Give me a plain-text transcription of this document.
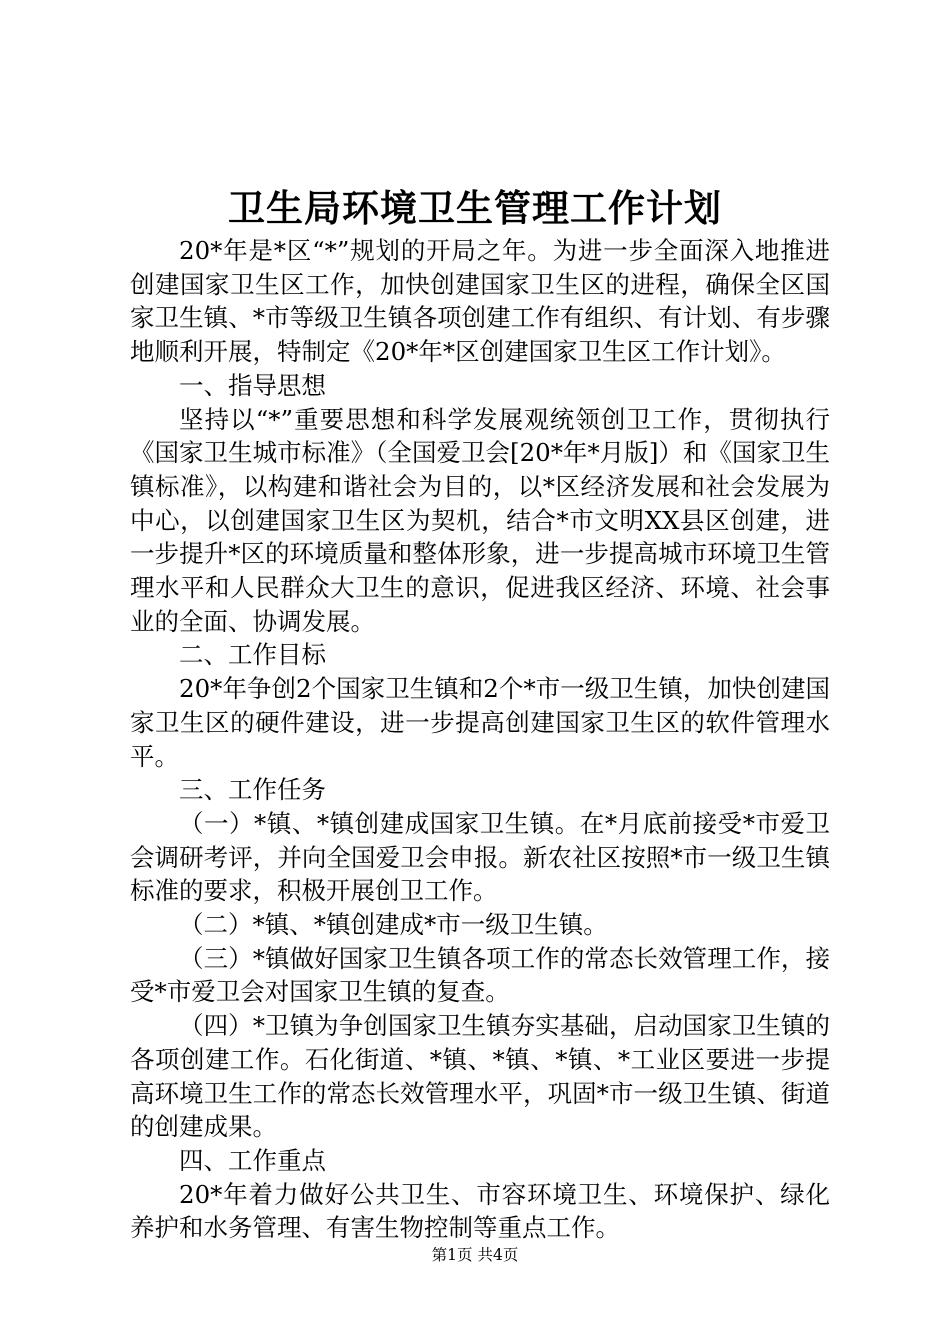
卫生局环境卫生管理工作计划

20*年是*区“*”规划的开局之年。为进一步全面深入地推进创建国家卫生区工作，加快创建国家卫生区的进程，确保全区国家卫生镇、*市等级卫生镇各项创建工作有组织、有计划、有步骤地顺利开展，特制定《20*年*区创建国家卫生区工作计划》。

一、指导思想

坚持以“*”重要思想和科学发展观统领创卫工作，贯彻执行《国家卫生城市标准》（全国爱卫会[20*年*月版]）和《国家卫生镇标准》，以构建和谐社会为目的，以*区经济发展和社会发展为中心，以创建国家卫生区为契机，结合*市文明XX县区创建，进一步提升*区的环境质量和整体形象，进一步提高城市环境卫生管理水平和人民群众大卫生的意识，促进我区经济、环境、社会事业的全面、协调发展。

二、工作目标

20*年争创2个国家卫生镇和2个*市一级卫生镇，加快创建国家卫生区的硬件建设，进一步提高创建国家卫生区的软件管理水平。

三、工作任务

（一）*镇、*镇创建成国家卫生镇。在*月底前接受*市爱卫会调研考评，并向全国爱卫会申报。新农社区按照*市一级卫生镇标准的要求，积极开展创卫工作。

（二）*镇、*镇创建成*市一级卫生镇。

（三）*镇做好国家卫生镇各项工作的常态长效管理工作，接受*市爱卫会对国家卫生镇的复查。

（四）*卫镇为争创国家卫生镇夯实基础，启动国家卫生镇的各项创建工作。石化街道、*镇、*镇、*镇、*工业区要进一步提高环境卫生工作的常态长效管理水平，巩固*市一级卫生镇、街道的创建成果。

四、工作重点

20*年着力做好公共卫生、市容环境卫生、环境保护、绿化养护和水务管理、有害生物控制等重点工作。

第1页 共4页
